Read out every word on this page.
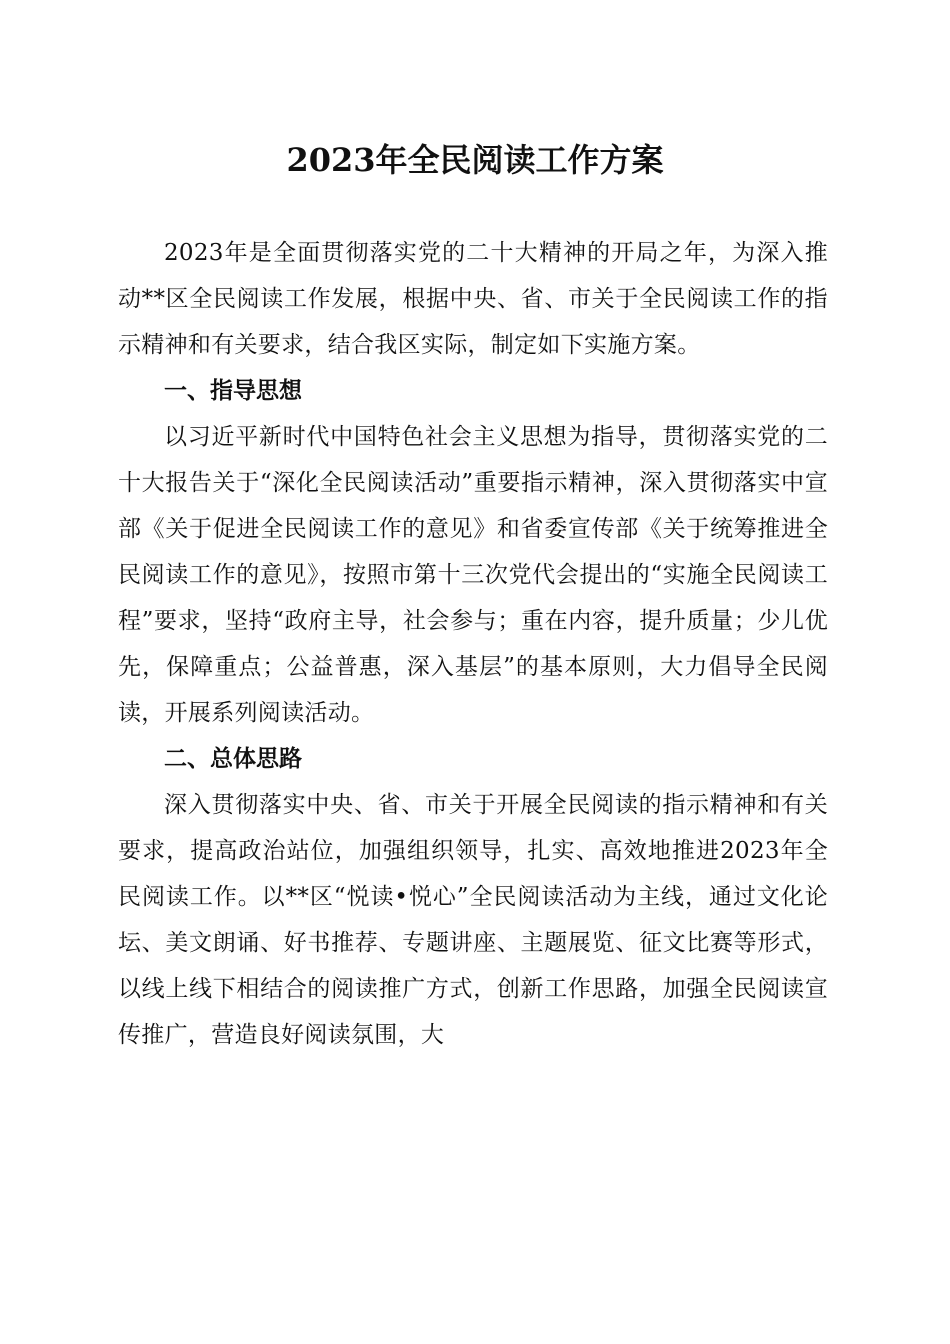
2023年全民阅读工作方案

2023年是全面贯彻落实党的二十大精神的开局之年，为深入推动**区全民阅读工作发展，根据中央、省、市关于全民阅读工作的指示精神和有关要求，结合我区实际，制定如下实施方案。

一、指导思想

以习近平新时代中国特色社会主义思想为指导，贯彻落实党的二十大报告关于“深化全民阅读活动”重要指示精神，深入贯彻落实中宣部《关于促进全民阅读工作的意见》和省委宣传部《关于统筹推进全民阅读工作的意见》，按照市第十三次党代会提出的“实施全民阅读工程”要求，坚持“政府主导，社会参与；重在内容，提升质量；少儿优先，保障重点；公益普惠，深入基层”的基本原则，大力倡导全民阅读，开展系列阅读活动。

二、总体思路

深入贯彻落实中央、省、市关于开展全民阅读的指示精神和有关要求，提高政治站位，加强组织领导，扎实、高效地推进2023年全民阅读工作。以**区“悦读•悦心”全民阅读活动为主线，通过文化论坛、美文朗诵、好书推荐、专题讲座、主题展览、征文比赛等形式，以线上线下相结合的阅读推广方式，创新工作思路，加强全民阅读宣传推广，营造良好阅读氛围，大
